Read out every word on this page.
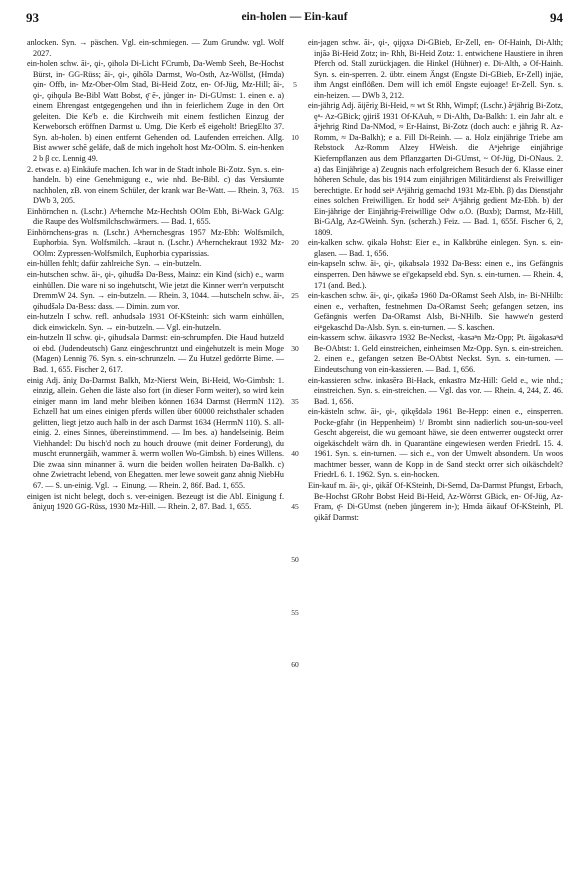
93	ein-holen — Ein-kauf	94

anlocken. Syn. → päschen. Vgl. ein-schmiegen. — Zum Grundw. vgl. Wolf 2027.

ein-holen schw. āi-, ǫi-, ǫiholǝ Di-Licht FCrumb, Da-Wemb Seeh, Be-Hochst Bürst, in- GG-Rüss; āi-, ǫi-, ǫihōlǝ Darmst, Wo-Osth, Az-Wöllst, (Hmda) ǫin- Offb, in- Mz-Ober-Olm Stad, Bi-Heid Zotz, en- Of-Jüg, Mz-Hill; āi-, ǫi-, ǫihǫulǝ Be-Bibl Watt Bobst, ę̄ ē-, jünger in- Di-GUmst: 1. einen e. a) einem Ehrengast entgegengehen und ihn in feierlichem Zuge in den Ort geleiten. Die Ke'b e. die Kirchweih mit einem festlichen Einzug der Kerweborsch eröffnen Darmst u. Umg. Die Kerb eš eigeholt! BriegElto 37. Syn. ab-holen. b) einen entfernt Gehenden od. Laufenden erreichen. Allg. Bist awwer schē geläfe, daß de mich ingeholt host Mz-OOlm. S. ein-henken 2 b β cc. Lennig 49.

2. etwas e. a) Einkäufe machen. Ich war in de Stadt inhole Bi-Zotz. Syn. s. ein-handeln. b) eine Genehmigung e., wie nhd. Be-Bibl. c) das Versäumte nachholen, zB. von einem Schüler, der krank war Be-Watt. — Rhein. 3, 763. DWb 3, 205.

Einhörnchen n. (Lschr.) Aⁿhernche Mz-Hechtsh OOlm Ebh, Bi-Wack GAlg: die Raupe des Wolfsmilchschwärmers. — Bad. 1, 655.

Einhörnchens-gras n. (Lschr.) Aⁿhernchesgras 1957 Mz-Ebh: Wolfsmilch, Euphorbia. Syn. Wolfsmilch. –kraut n. (Lschr.) Aⁿhernchekraut 1932 Mz-OOlm: Zypressen-Wolfsmilch, Euphorbia cyparissias.

ein-hüllen fehlt; dafür zahlreiche Syn. → ein-butzeln.

ein-hutschen schw. āi-, ǫi-, ǫihudšǝ Da-Bess, Mainz: ein Kind (sich) e., warm einhüllen. Die ware ni so ingehutscht, Wie jetzt die Kinner werr'n verputscht DremmW 24. Syn. → ein-butzeln. — Rhein. 3, 1044. —hutscheln schw. āi-, ǫihudšǝlǝ Da-Bess: dass. — Dimin. zum vor.

ein-hutzeln I schw. refl. ǝnhudsǝlǝ 1931 Of-KSteinh: sich warm einhüllen, dick einwickeln. Syn. → ein-butzeln. — Vgl. ein-hutzeln.

ein-hutzeln II schw. ǫi-, ǫihudsǝlǝ Darmst: ein-schrumpfen. Die Haud hutzeld oi ebd. (Judendeutsch) Ganz einġeschruntzt und einġehutzelt is mein Moge (Magen) Lennig 76. Syn. s. ein-schrunzeln. — Zu Hutzel gedörrte Birne. — Bad. 1, 655. Fischer 2, 617.

einig Adj. āniχ Da-Darmst Balkh, Mz-Nierst Wein, Bi-Heid, Wo-Gimbsh: 1. einzig, allein. Gehen die läste also fort (in dieser Form weiter), so wird kein einiger mann im land mehr bleiben können 1634 Darmst (HerrmN 112). Echzell hat um eines einigen pferds willen über 60000 reichsthaler schaden gelitten, liegt jetzo auch halb in der asch Darmst 1634 (HerrmN 110). S. all-einig. 2. eines Sinnes, übereinstimmend. — Im bes. a) handelseinig. Beim Viehhandel: Du bisch'd noch zu houch drouwe (mit deiner Forderung), du muscht erunnergāih, wammer ā. werrn wollen Wo-Gimbsh. b) eines Willens. Die zwaa sinn minanner ā. wurn die beiden wollen heiraten Da-Balkh. c) ohne Zwietracht lebend, von Ehegatten. mer lewe soweit ganz ahnig NiebHu 67. — S. un-einig. Vgl. → Einung. — Rhein. 2, 86f. Bad. 1, 655.

einigen ist nicht belegt, doch s. ver-einigen. Bezeugt ist die Abl. Einigung f. āniχuŋ 1920 GG-Rüss, 1930 Mz-Hill. — Rhein. 2, 87. Bad. 1, 655.

5
10
15
20
25
30
35
40
45
50
55
60

ein-jagen schw. āi-, ǫi-, ǫijǫxǝ Di-GBieb, Er-Zell, en- Of-Hainh, Di-Alth; injāǝ Bi-Heid Zotz; in- Rhh, Bi-Heid Zotz: 1. entwichene Haustiere in ihren Pferch od. Stall zurückjagen. die Hinkel (Hühner) e. Di-Alth, ǝ Of-Hainh. Syn. s. ein-sperren. 2. übtr. einem Ängst (Engste Di-GBieb, Er-Zell) injäe, ihm Angst einflößen. Dem will ich emöl Engste eujoage! Er-Zell. Syn. s. ein-heizen. — DWb 3, 212.

ein-jährig Adj. āijēriχ Bi-Heid, ≈ wt St Rhh, Wimpf; (Lschr.) āⁿjährig Bi-Zotz, ęⁿ- Az-GBick; ǫjiriš 1931 Of-KAuh, ≈ Di-Alth, Da-Balkh: 1. ein Jahr alt. e āⁿjehrig Rind Da-NMod, ≈ Er-Hainst, Bi-Zotz (doch auch: e jährig R. Az-Romm, ≈ Da-Balkh); e a. Fill Di-Reinh. — a. Holz einjährige Triebe am Rebstock Az-Romm Alzey HWeish. die Aⁿjehrige einjährige Kiefernpflanzen aus dem Pflanzgarten Di-GUmst, ~ Of-Jüg, Di-ONaus. 2. a) das Einjährige a) Zeugnis nach erfolgreichem Besuch der 6. Klasse einer höheren Schule, das bis 1914 zum einjährigen Militärdienst als Freiwilliger berechtigte. Er hodd seiⁿ Aⁿjährig gemachd 1931 Mz-Ebh. β) das Dienstjahr eines solchen Freiwilligen. Er hodd seiⁿ Aⁿjährig gedient Mz-Ebh. b) der Ein-jährige der Einjährig-Freiwillige Odw o.O. (Buxb); Darmst, Mz-Hill, Bi-GAlg, Az-GWeinh. Syn. (scherzh.) Feiz. — Bad. 1, 655f. Fischer 6, 2, 1809.

ein-kalken schw. ǫikalǝ Hohst: Eier e., in Kalkbrühe einlegen. Syn. s. ein-glasen. — Bad. 1, 656.

ein-kapseln schw. āi-, ǫi-, ǫikabsǝlǝ 1932 Da-Bess: einen e., ins Gefängnis einsperren. Den häwwe se ei'gekapseld ebd. Syn. s. ein-turnen. — Rhein. 4, 171 (and. Bed.).

ein-kaschen schw. āi-, ǫi-, ǫikašǝ 1960 Da-ORamst Seeh Alsb, in- Bi-NHilb: einen e., verhaften, festnehmen Da-ORamst Seeh; gefangen setzen, ins Gefängnis werfen Da-ORamst Alsb, Bi-NHilb. Sie hawwe'n gesterd eiⁿgekaschd Da-Alsb. Syn. s. ein-turnen. — S. kaschen.

ein-kassern schw. āikasvrǝ 1932 Be-Neckst, -kasǝⁿn Mz-Opp; Pt. āigǝkasǝⁿd Be-OAbtst: 1. Geld einstreichen, einheimsen Mz-Opp. Syn. s. ein-streichen. 2. einen e., gefangen setzen Be-OAbtst Neckst. Syn. s. ein-turnen. — Eindeutschung von ein-kassieren. — Bad. 1, 656.

ein-kassieren schw. inkasērǝ Bi-Hack, enkasīrǝ Mz-Hill: Geld e., wie nhd.; einstreichen. Syn. s. ein-streichen. — Vgl. das vor. — Rhein. 4, 244, Z. 46. Bad. 1, 656.

ein-kästeln schw. āi-, ǫi-, ǫikęšdǝlǝ 1961 Be-Hepp: einen e., einsperren. Pocke-gfahr (in Heppenheim) !/ Brombt sinn nadierlich sou-un-sou-veel Gescht abgereist, die wu gemoant häwe, sie deen entwerrer ougsteckt orrer oigekäschdelt wärn dh. in Quarantäne eingewiesen werden FriedrL 15. 4. 1961. Syn. s. ein-turnen. — sich e., von der Umwelt absondern. Un woos machtmer besser, wann de Kopp in de Sand steckt orrer sich oikäschdelt? FriedrL 6. 1. 1962. Syn. s. ein-hocken.

Ein-kauf m. āi-, ǫi-, ǫikāf Of-KSteinh, Di-Semd, Da-Darmst Pfungst, Erbach, Be-Hochst GRohr Bobst Heid Bi-Heid, Az-Wörrst GBick, en- Of-Jüg, Az-Fram, ę̄- Di-GUmst (neben jüngerem in-); Hmda āikauf Of-KSteinh, Pl. ǫikāf Darmst:
